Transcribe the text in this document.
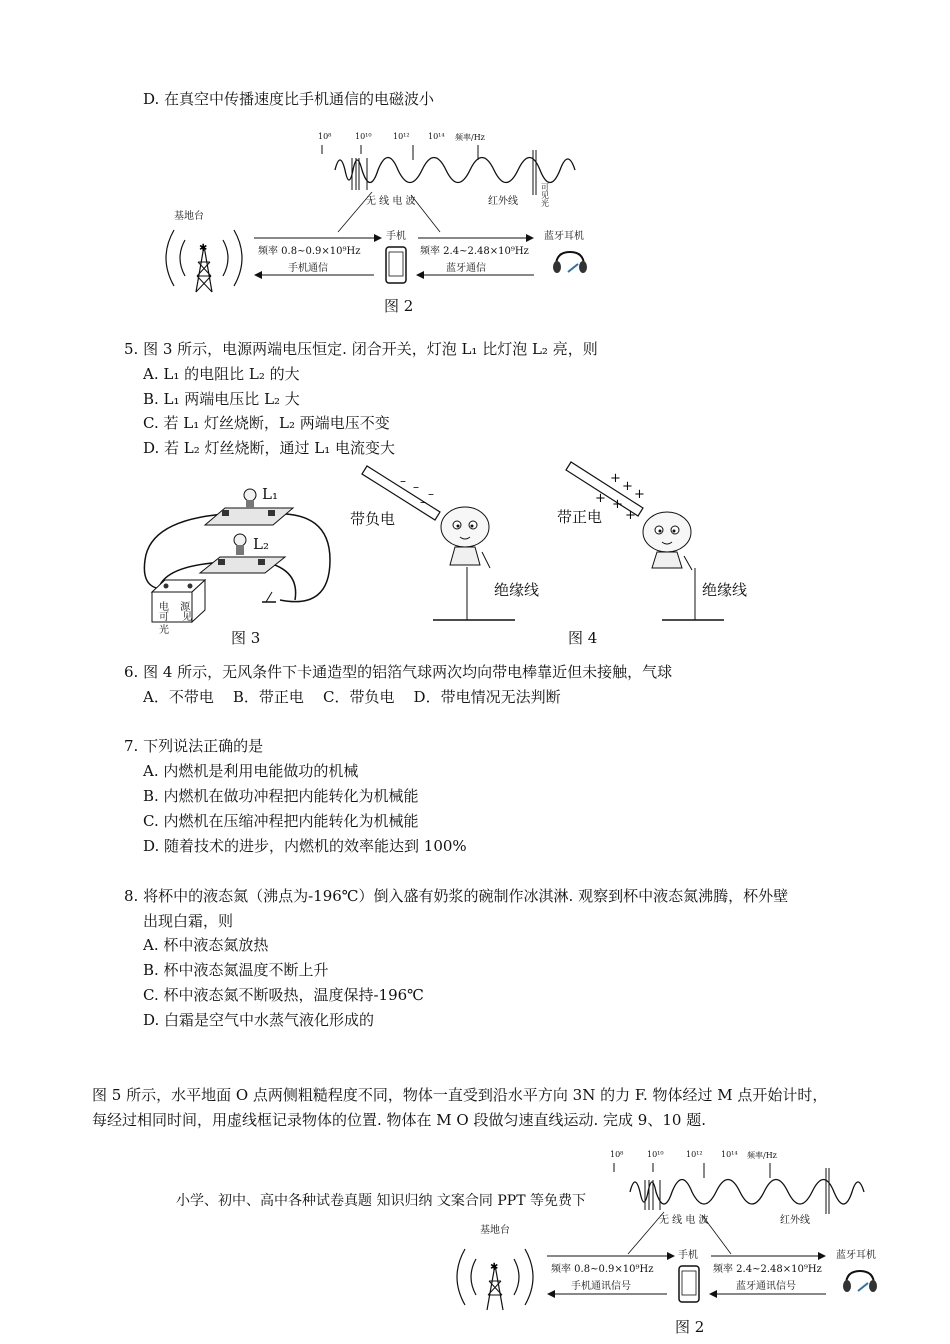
D. 在真空中传播速度比手机通信的电磁波小
10⁸	10¹⁰	10¹² 10¹⁴ 频率/Hz
✱
无 线 电 波	红外线
可见光
基地台
手机	蓝牙耳机
频率 0.8~0.9×10⁹Hz
手机通信
频率 2.4~2.48×10⁹Hz
蓝牙通信
图 2
5. 图 3 所示，电源两端电压恒定. 闭合开关，灯泡 L₁ 比灯泡 L₂ 亮，则
A. L₁ 的电阻比 L₂ 的大
B. L₁ 两端电压比 L₂ 大
C. 若 L₁ 灯丝烧断，L₂ 两端电压不变
D. 若 L₂ 灯丝烧断，通过 L₁ 电流变大
L₁
L₂
电 源
可 见 光	图 3
– – –
–
+
+
+
+ +
+
带负电	带正电
绝缘线	绝缘线
图 4
6. 图 4 所示，无风条件下卡通造型的铝箔气球两次均向带电棒靠近但未接触，气球
A．不带电    B．带正电    C．带负电    D．带电情况无法判断
7. 下列说法正确的是
A. 内燃机是利用电能做功的机械
B. 内燃机在做功冲程把内能转化为机械能
C. 内燃机在压缩冲程把内能转化为机械能
D. 随着技术的进步，内燃机的效率能达到 100%
8. 将杯中的液态氮（沸点为-196℃）倒入盛有奶浆的碗制作冰淇淋. 观察到杯中液态氮沸腾，杯外壁
出现白霜，则
A. 杯中液态氮放热
B. 杯中液态氮温度不断上升
C. 杯中液态氮不断吸热，温度保持-196℃
D. 白霜是空气中水蒸气液化形成的
图 5 所示，水平地面 O 点两侧粗糙程度不同，物体一直受到沿水平方向 3N 的力 F. 物体经过 M 点开始计时，
每经过相同时间，用虚线框记录物体的位置. 物体在 M O 段做匀速直线运动. 完成 9、10 题.
10⁸	10¹⁰	10¹² 10¹⁴ 频率/Hz
✱
小学、初中、高中各种试卷真题 知识归纳 文案合同 PPT 等免费下
无 线 电 波	红外线
基地台
手机	蓝牙耳机
频率 0.8~0.9×10⁹Hz
手机通讯信号
频率 2.4~2.48×10⁹Hz
蓝牙通讯信号
图 2
